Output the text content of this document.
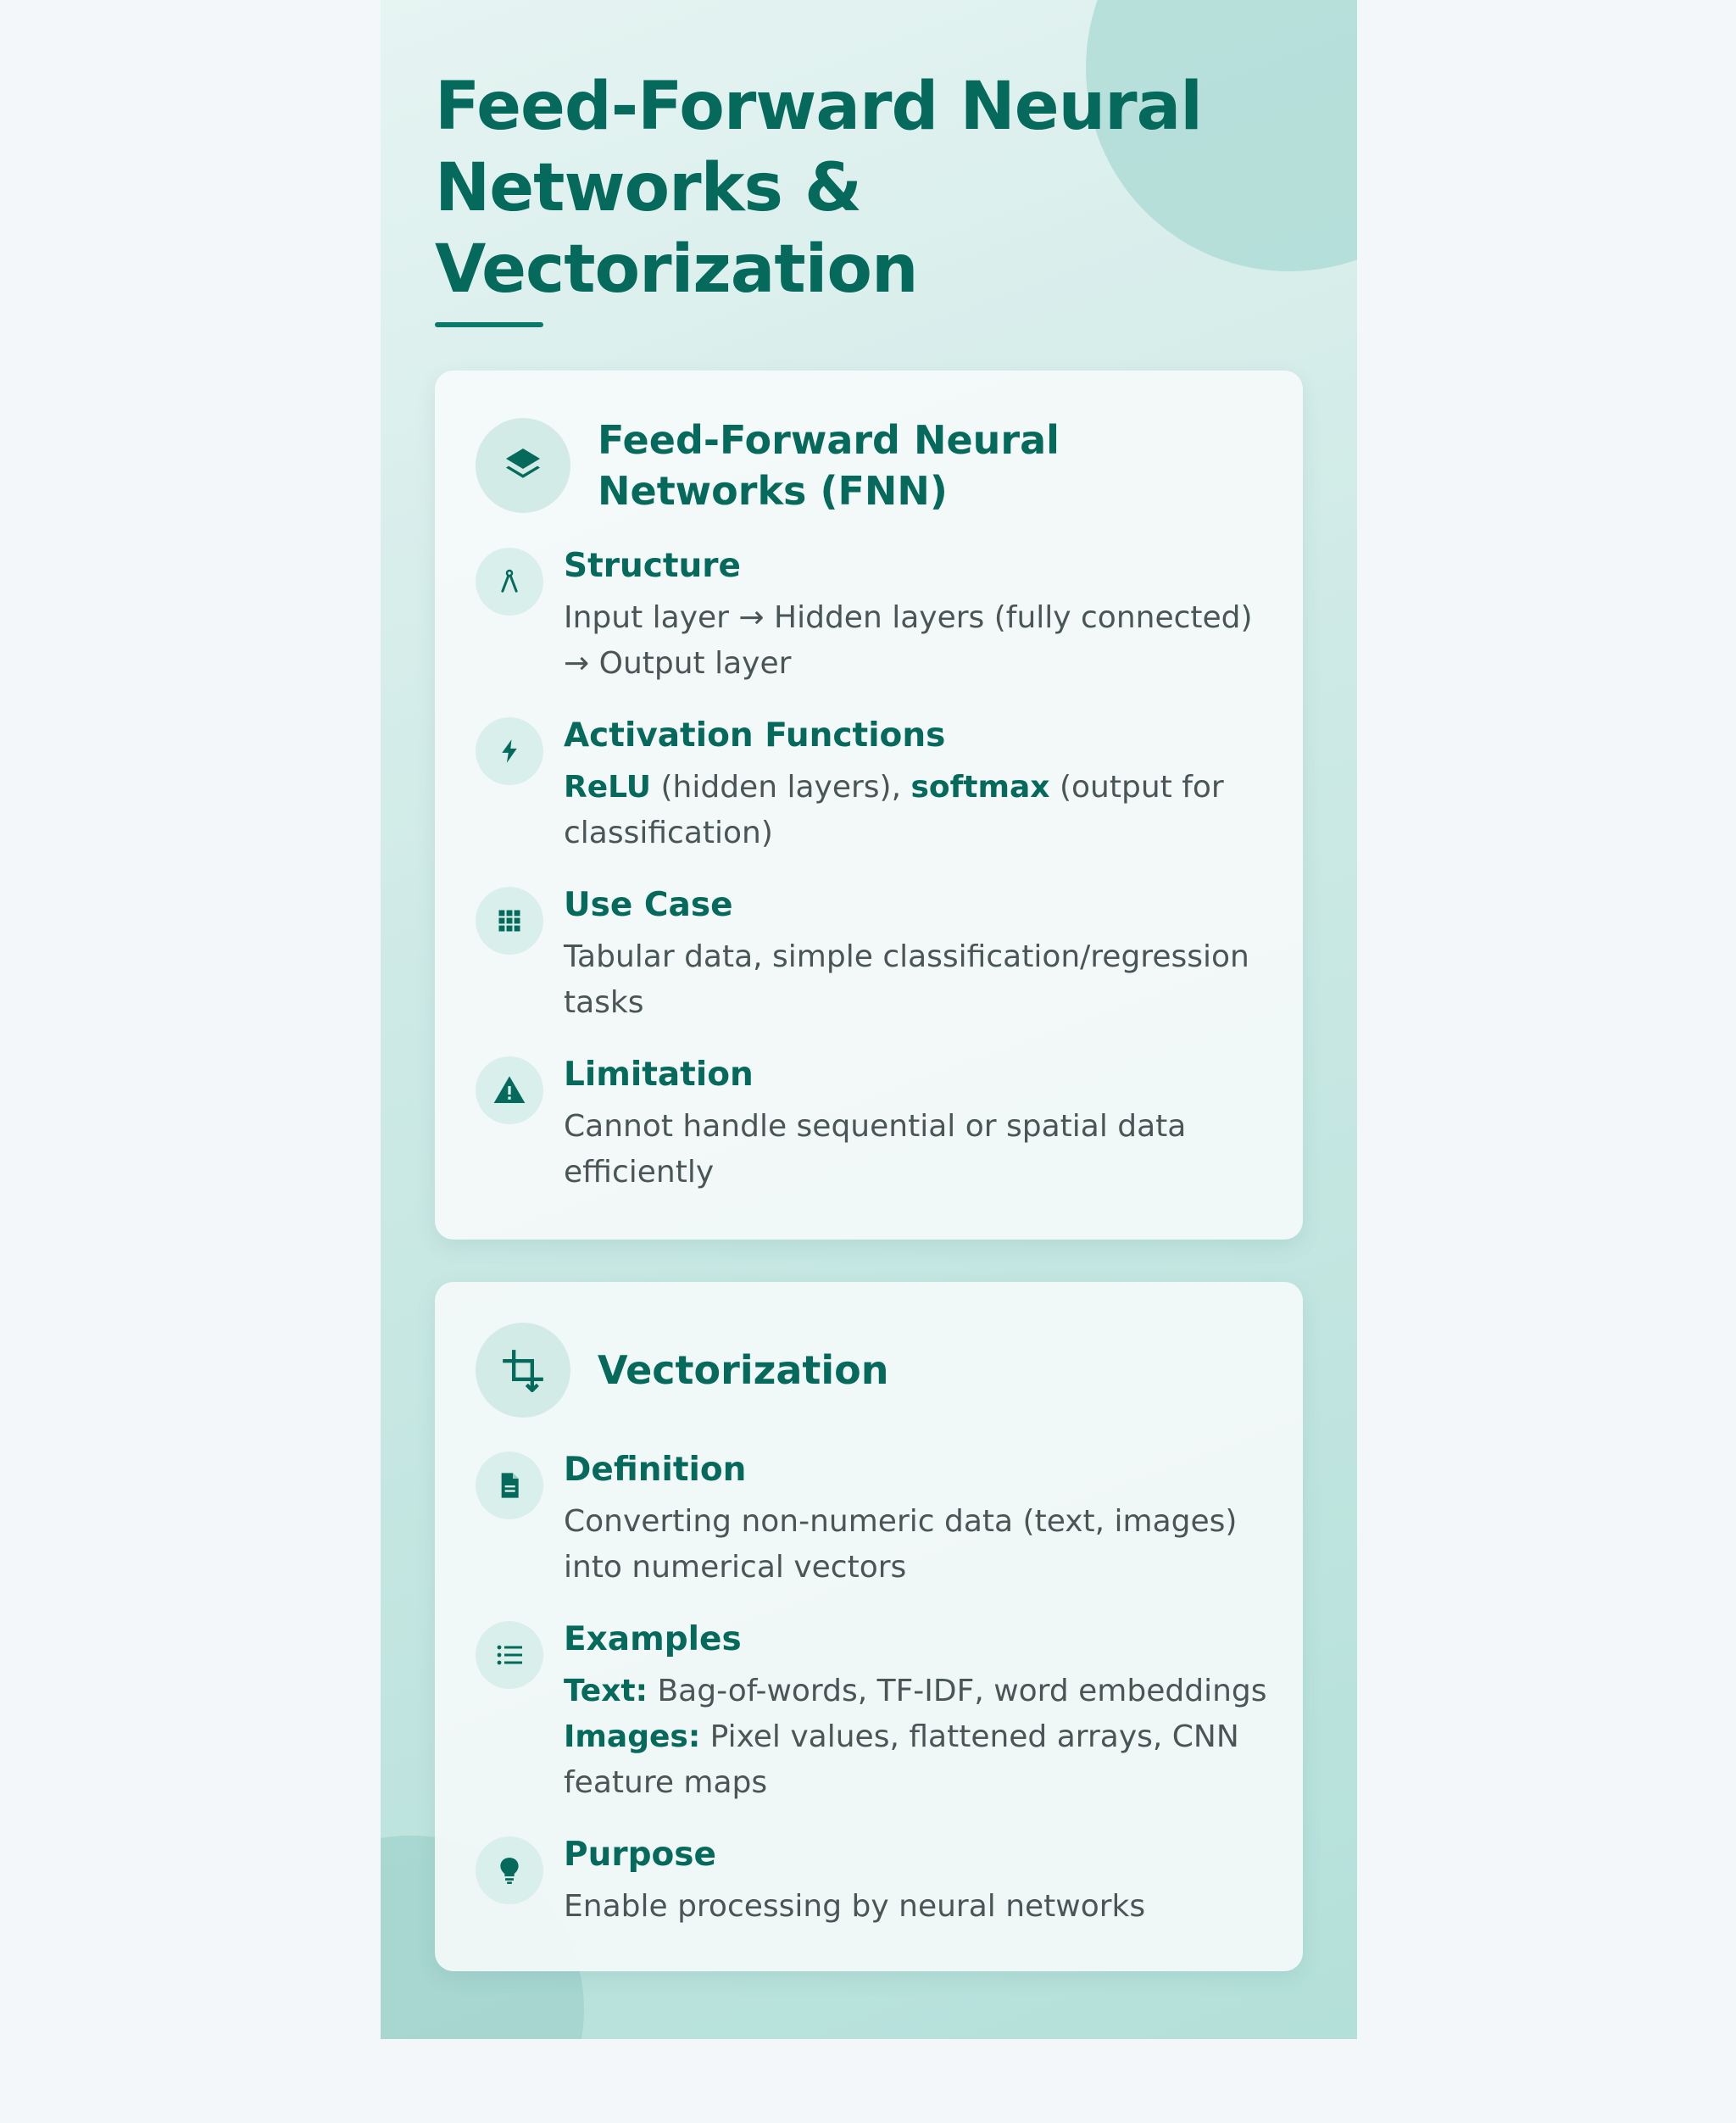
Feed-Forward Neural Networks & Vectorization
Feed-Forward Neural Networks (FNN)
Structure
Input layer → Hidden layers (fully connected) → Output layer
Activation Functions
ReLU (hidden layers), softmax (output for classification)
Use Case
Tabular data, simple classification/regression tasks
Limitation
Cannot handle sequential or spatial data efficiently
Vectorization
Definition
Converting non-numeric data (text, images) into numerical vectors
Examples
Text: Bag-of-words, TF-IDF, word embeddings
Images: Pixel values, flattened arrays, CNN feature maps
Purpose
Enable processing by neural networks
